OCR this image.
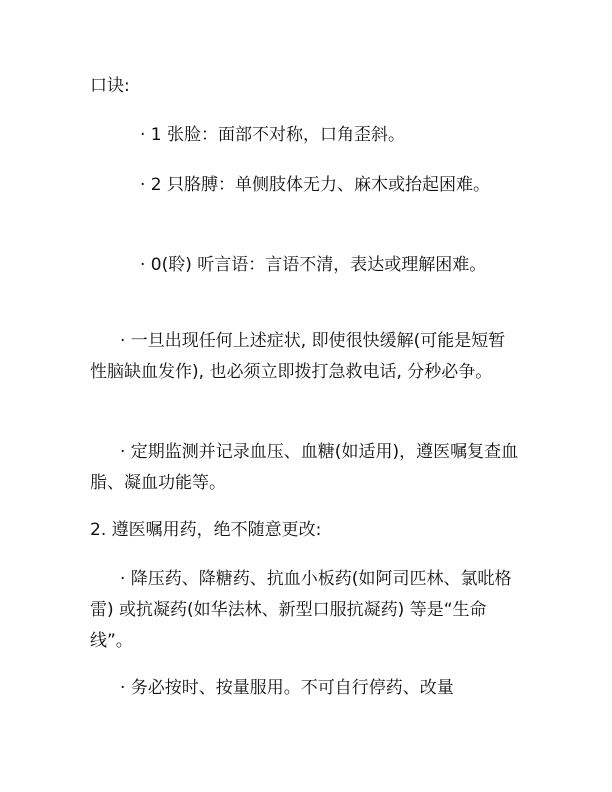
口诀:

· 1 张脸：面部不对称，口角歪斜。

· 2 只胳膊：单侧肢体无力、麻木或抬起困难。

· 0(聆) 听言语：言语不清，表达或理解困难。

· 一旦出现任何上述症状, 即使很快缓解(可能是短暂性脑缺血发作), 也必须立即拨打急救电话, 分秒必争。

· 定期监测并记录血压、血糖(如适用)，遵医嘱复查血脂、凝血功能等。

2. 遵医嘱用药，绝不随意更改:

· 降压药、降糖药、抗血小板药(如阿司匹林、氯吡格雷) 或抗凝药(如华法林、新型口服抗凝药) 等是“生命线”。

· 务必按时、按量服用。不可自行停药、改量
